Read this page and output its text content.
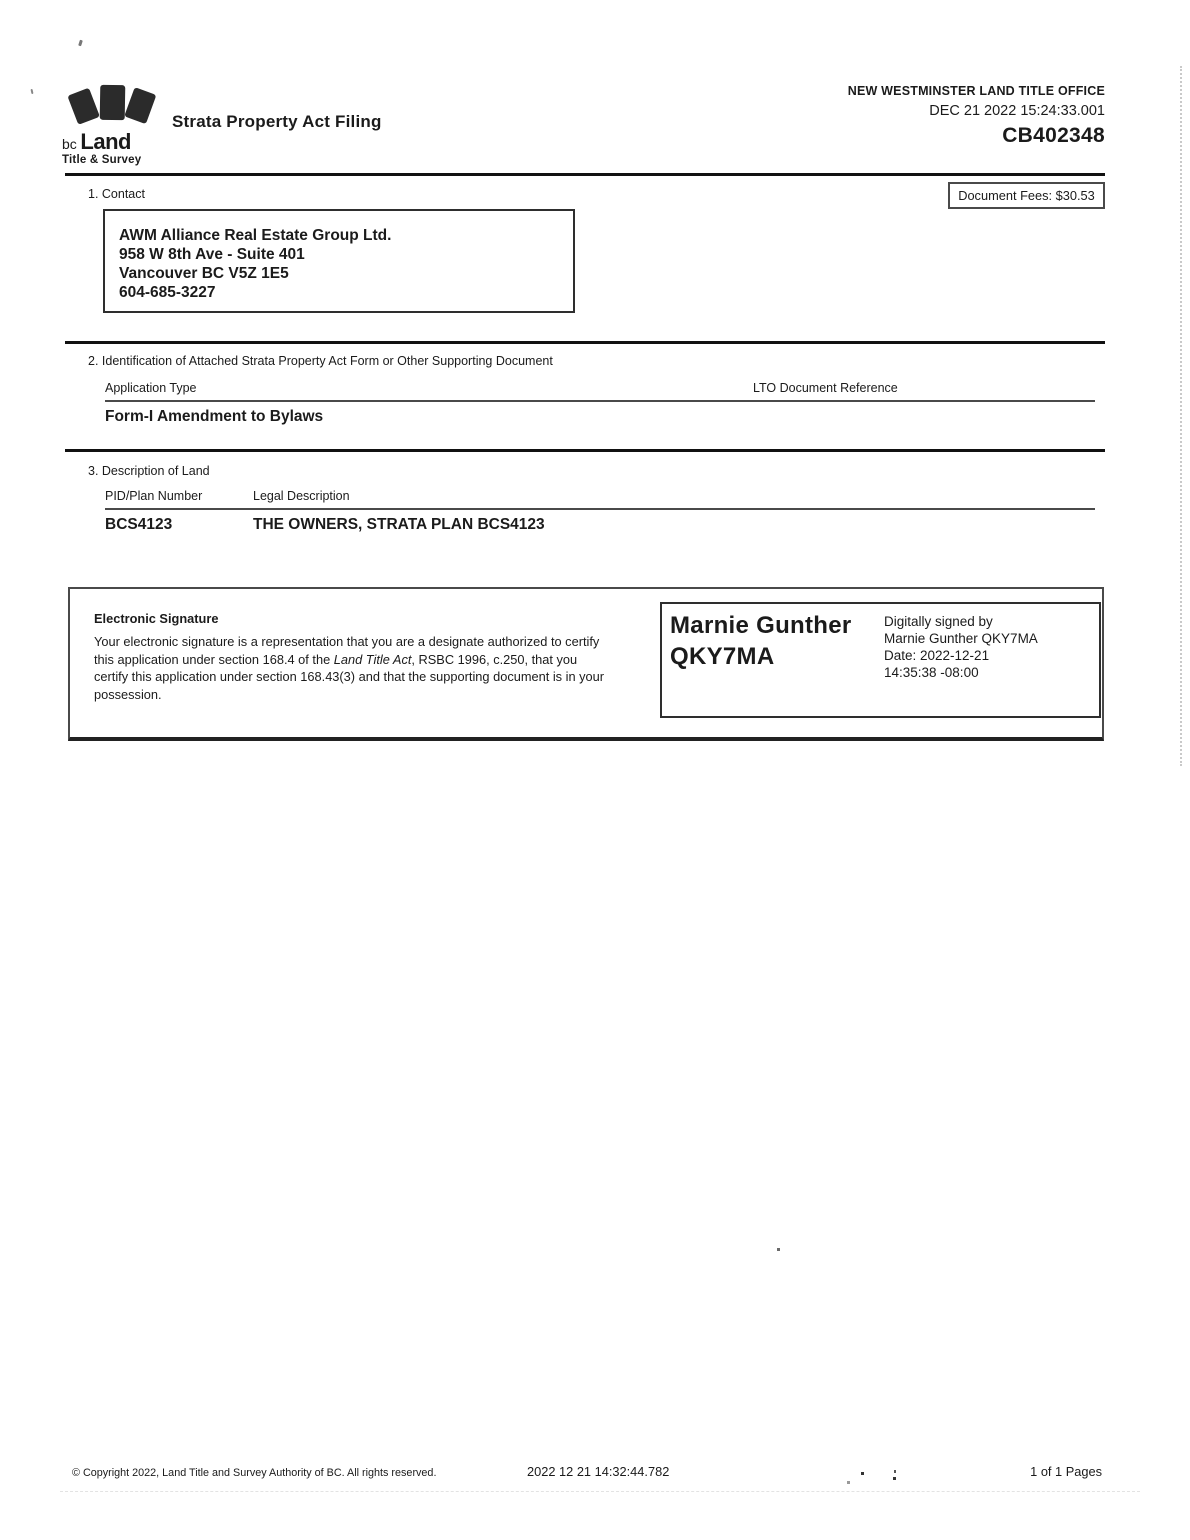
bc Land
Title & Survey
Strata Property Act Filing
NEW WESTMINSTER LAND TITLE OFFICE
DEC 21 2022 15:24:33.001
CB402348
1. Contact	Document Fees: $30.53
AWM Alliance Real Estate Group Ltd.
958 W 8th Ave - Suite 401
Vancouver BC V5Z 1E5
604-685-3227
2. Identification of Attached Strata Property Act Form or Other Supporting Document
Application Type	LTO Document Reference
Form-I Amendment to Bylaws
3. Description of Land
PID/Plan Number	Legal Description
BCS4123	THE OWNERS, STRATA PLAN BCS4123
Electronic Signature

Your electronic signature is a representation that you are a designate authorized to certify this application under section 168.4 of the Land Title Act, RSBC 1996, c.250, that you certify this application under section 168.43(3) and that the supporting document is in your possession.

Marnie Gunther
QKY7MA
Digitally signed by
Marnie Gunther QKY7MA
Date: 2022-12-21
14:35:38 -08:00
© Copyright 2022, Land Title and Survey Authority of BC. All rights reserved.	2022 12 21 14:32:44.782	1 of 1 Pages
